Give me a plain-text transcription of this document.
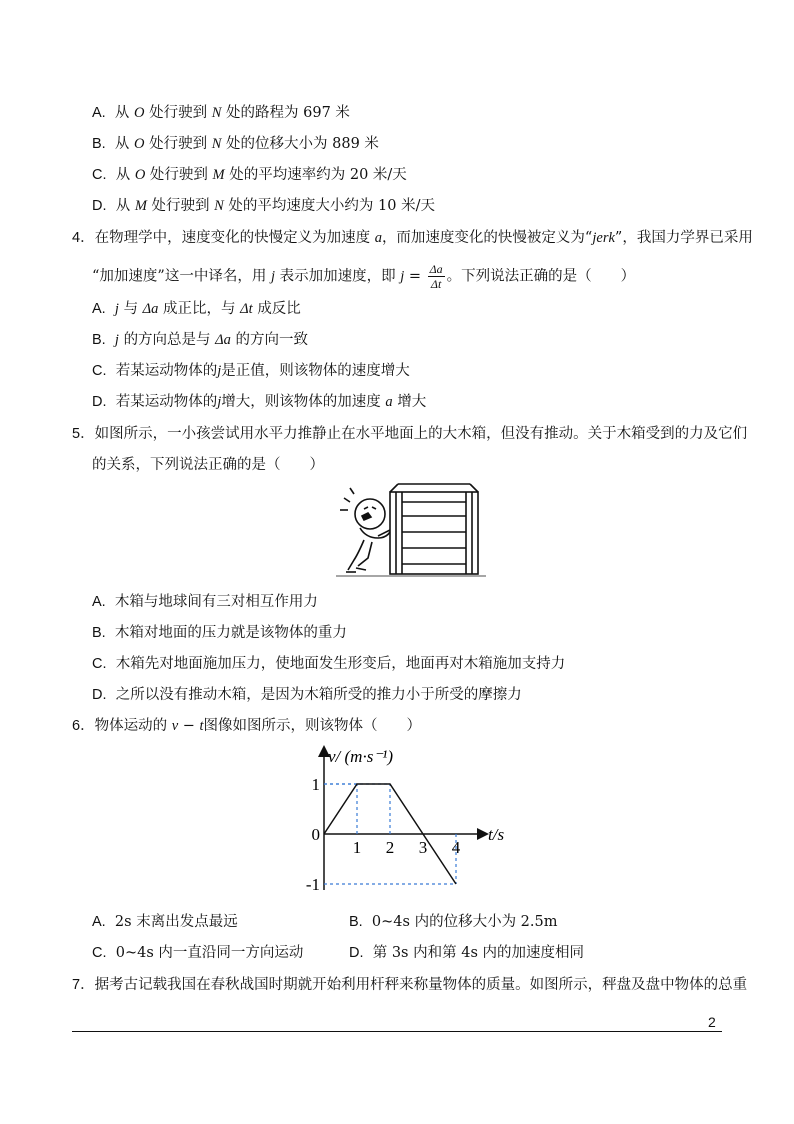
A. 从 O 处行驶到 N 处的路程为 697 米
B. 从 O 处行驶到 N 处的位移大小为 889 米
C. 从 O 处行驶到 M 处的平均速率约为 20 米/天
D. 从 M 处行驶到 N 处的平均速度大小约为 10 米/天
4．在物理学中，速度变化的快慢定义为加速度 a，而加速度变化的快慢被定义为“jerk”，我国力学界已采用
“加加速度”这一中译名，用 j 表示加加速度，即 $j = \frac{\Delta a}{\Delta t}$ 。下列说法正确的是（　　）
A. j 与 Δa 成正比，与 Δt 成反比
B. j 的方向总是与 Δa 的方向一致
C. 若某运动物体的j是正值，则该物体的速度增大
D. 若某运动物体的j增大，则该物体的加速度 a 增大
5．如图所示，一小孩尝试用水平力推静止在水平地面上的大木箱，但没有推动。关于木箱受到的力及它们
的关系，下列说法正确的是（　　）
A. 木箱与地球间有三对相互作用力
B. 木箱对地面的压力就是该物体的重力
C. 木箱先对地面施加压力，使地面发生形变后，地面再对木箱施加支持力
D. 之所以没有推动木箱，是因为木箱所受的推力小于所受的摩擦力
6．物体运动的 v − t图像如图所示，则该物体（　　）
v/ (m·s⁻¹)
t/s
1 2 3 4
1
0
-1
A. 2s 末离出发点最远	B. 0~4s 内的位移大小为 2.5m
C. 0~4s 内一直沿同一方向运动	D. 第 3s 内和第 4s 内的加速度相同
7．据考古记载我国在春秋战国时期就开始利用杆秤来称量物体的质量。如图所示，秤盘及盘中物体的总重
2
